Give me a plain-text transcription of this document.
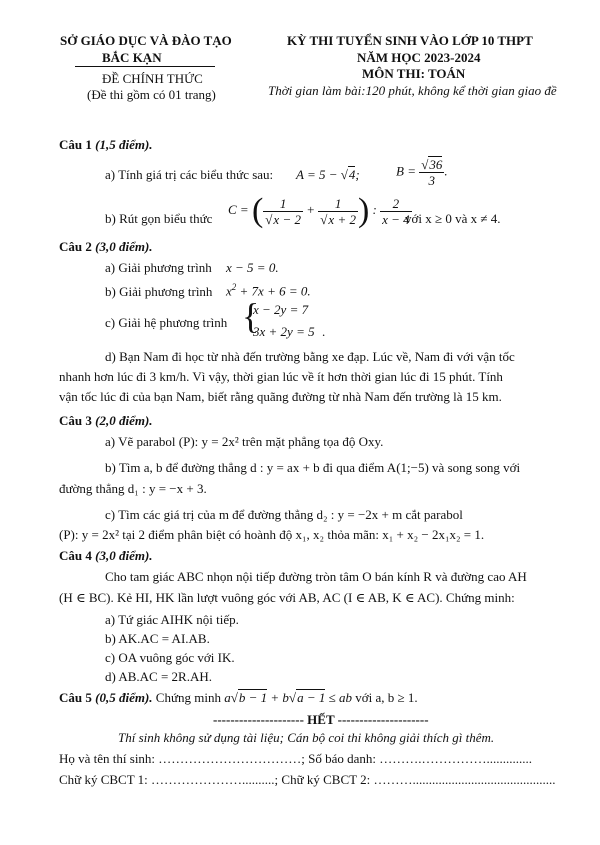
SỞ GIÁO DỤC VÀ ĐÀO TẠO
BẮC KẠN
ĐỀ CHÍNH THỨC
(Đề thi gồm có 01 trang)
KỲ THI TUYỂN SINH VÀO LỚP 10 THPT
NĂM HỌC 2023-2024
MÔN THI: TOÁN
Thời gian làm bài:120 phút, không kể thời gian giao đề
Câu 1 (1,5 điểm).
a) Tính giá trị các biểu thức sau: A = 5 − √4;	$B = \frac{√36}{3}$ .
b) Rút gọn biểu thức
C = ( $\frac{1}{√x - 2} + \frac{1}{√x + 2}$ ) : $\frac{2}{x - 4}$
với x ≥ 0 và x ≠ 4.
Câu 2 (3,0 điểm).
a) Giải phương trình x − 5 = 0.
b) Giải phương trình $x^2 + 7x + 6 = 0$.
c) Giải hệ phương trình {
x − 2y = 7
3x + 2y = 5 .
d) Bạn Nam đi học từ nhà đến trường bằng xe đạp. Lúc về, Nam đi với vận tốc
nhanh hơn lúc đi 3 km/h. Vì vậy, thời gian lúc về ít hơn thời gian lúc đi 15 phút. Tính
vận tốc lúc đi của bạn Nam, biết rằng quãng đường từ nhà Nam đến trường là 15 km.
Câu 3 (2,0 điểm).
a) Vẽ parabol (P): y = 2x² trên mặt phẳng tọa độ Oxy.
b) Tìm a, b để đường thẳng d : y = ax + b đi qua điểm A(1;−5) và song song với
đường thẳng d₁ : y = −x + 3.
c) Tìm các giá trị của m để đường thẳng d₂ : y = −2x + m cắt parabol
(P): y = 2x² tại 2 điểm phân biệt có hoành độ x₁, x₂ thỏa mãn: x₁ + x₂ − 2x₁x₂ = 1.
Câu 4 (3,0 điểm).
Cho tam giác ABC nhọn nội tiếp đường tròn tâm O bán kính R và đường cao AH
(H ∈ BC). Kẻ HI, HK lần lượt vuông góc với AB, AC (I ∈ AB, K ∈ AC). Chứng minh:
a) Tứ giác AIHK nội tiếp.
b) AK.AC = AI.AB.
c) OA vuông góc với IK.
d) AB.AC = 2R.AH.
Câu 5 (0,5 điểm). Chứng minh a√b − 1 + b√a − 1 ≤ ab với a, b ≥ 1.
--------------------- HẾT ---------------------
Thí sinh không sử dụng tài liệu; Cán bộ coi thi không giải thích gì thêm.
Họ và tên thí sinh: ……………………………; Số báo danh: ……….……………..............
Chữ ký CBCT 1: …………………..........; Chữ ký CBCT 2: ………............................................
